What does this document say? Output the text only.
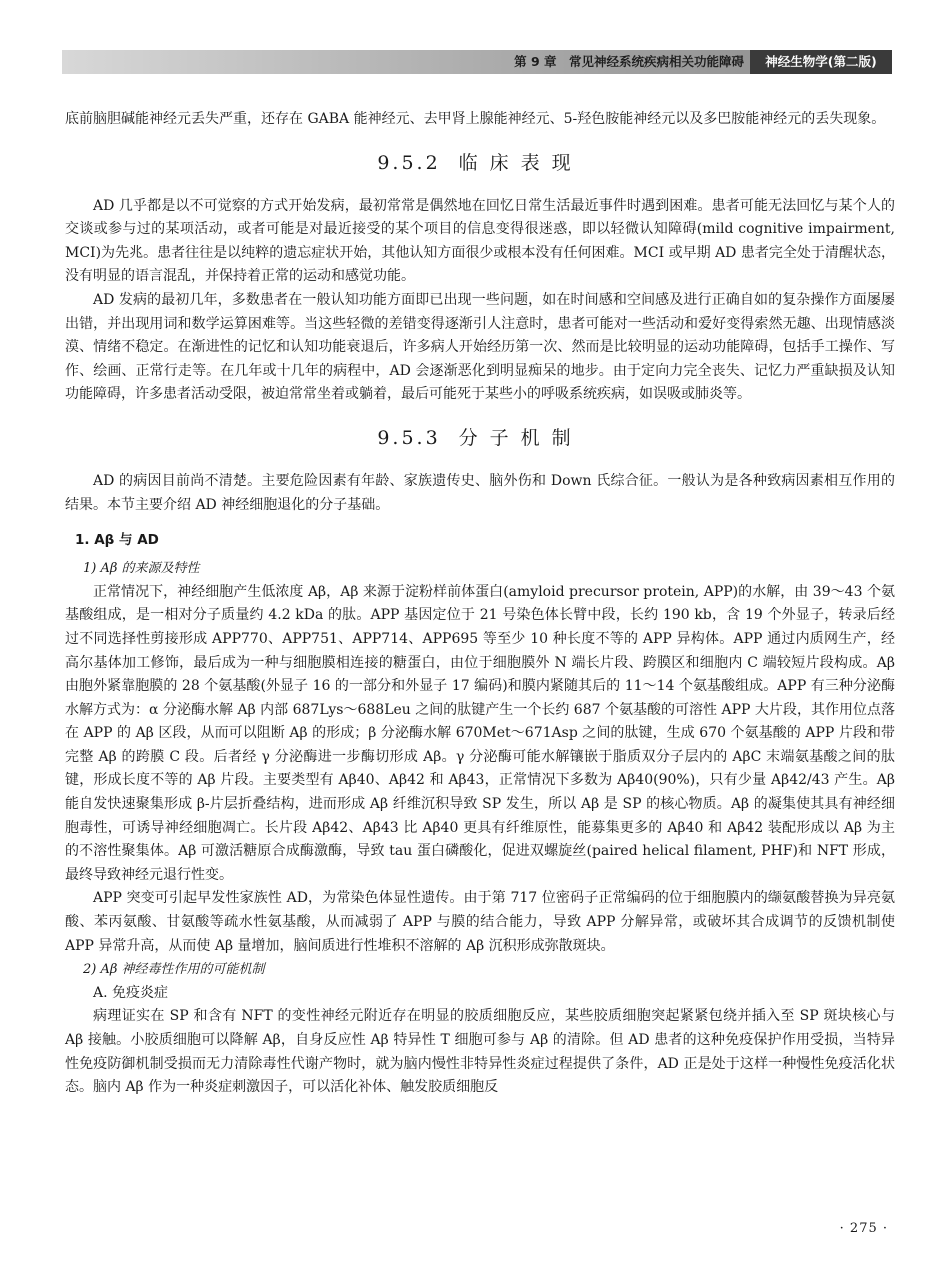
第 9 章　常见神经系统疾病相关功能障碍	神经生物学(第二版)

底前脑胆碱能神经元丢失严重，还存在 GABA 能神经元、去甲肾上腺能神经元、5-羟色胺能神经元以及多巴胺能神经元的丢失现象。

9.5.2 临床表现

AD 几乎都是以不可觉察的方式开始发病，最初常常是偶然地在回忆日常生活最近事件时遇到困难。患者可能无法回忆与某个人的交谈或参与过的某项活动，或者可能是对最近接受的某个项目的信息变得很迷惑，即以轻微认知障碍(mild cognitive impairment, MCI)为先兆。患者往往是以纯粹的遗忘症状开始，其他认知方面很少或根本没有任何困难。MCI 或早期 AD 患者完全处于清醒状态，没有明显的语言混乱，并保持着正常的运动和感觉功能。

AD 发病的最初几年，多数患者在一般认知功能方面即已出现一些问题，如在时间感和空间感及进行正确自如的复杂操作方面屡屡出错，并出现用词和数学运算困难等。当这些轻微的差错变得逐渐引人注意时，患者可能对一些活动和爱好变得索然无趣、出现情感淡漠、情绪不稳定。在渐进性的记忆和认知功能衰退后，许多病人开始经历第一次、然而是比较明显的运动功能障碍，包括手工操作、写作、绘画、正常行走等。在几年或十几年的病程中，AD 会逐渐恶化到明显痴呆的地步。由于定向力完全丧失、记忆力严重缺损及认知功能障碍，许多患者活动受限，被迫常常坐着或躺着，最后可能死于某些小的呼吸系统疾病，如误吸或肺炎等。

9.5.3 分子机制

AD 的病因目前尚不清楚。主要危险因素有年龄、家族遗传史、脑外伤和 Down 氏综合征。一般认为是各种致病因素相互作用的结果。本节主要介绍 AD 神经细胞退化的分子基础。

1. Aβ 与 AD
1) Aβ 的来源及特性

正常情况下，神经细胞产生低浓度 Aβ，Aβ 来源于淀粉样前体蛋白(amyloid precursor protein, APP)的水解，由 39～43 个氨基酸组成，是一相对分子质量约 4.2 kDa 的肽。APP 基因定位于 21 号染色体长臂中段，长约 190 kb，含 19 个外显子，转录后经过不同选择性剪接形成 APP770、APP751、APP714、APP695 等至少 10 种长度不等的 APP 异构体。APP 通过内质网生产，经高尔基体加工修饰，最后成为一种与细胞膜相连接的糖蛋白，由位于细胞膜外 N 端长片段、跨膜区和细胞内 C 端较短片段构成。Aβ 由胞外紧靠胞膜的 28 个氨基酸(外显子 16 的一部分和外显子 17 编码)和膜内紧随其后的 11～14 个氨基酸组成。APP 有三种分泌酶水解方式为：α 分泌酶水解 Aβ 内部 687Lys～688Leu 之间的肽键产生一个长约 687 个氨基酸的可溶性 APP 大片段，其作用位点落在 APP 的 Aβ 区段，从而可以阻断 Aβ 的形成；β 分泌酶水解 670Met～671Asp 之间的肽键，生成 670 个氨基酸的 APP 片段和带完整 Aβ 的跨膜 C 段。后者经 γ 分泌酶进一步酶切形成 Aβ。γ 分泌酶可能水解镶嵌于脂质双分子层内的 AβC 末端氨基酸之间的肽键，形成长度不等的 Aβ 片段。主要类型有 Aβ40、Aβ42 和 Aβ43，正常情况下多数为 Aβ40(90%)，只有少量 Aβ42/43 产生。Aβ 能自发快速聚集形成 β-片层折叠结构，进而形成 Aβ 纤维沉积导致 SP 发生，所以 Aβ 是 SP 的核心物质。Aβ 的凝集使其具有神经细胞毒性，可诱导神经细胞凋亡。长片段 Aβ42、Aβ43 比 Aβ40 更具有纤维原性，能募集更多的 Aβ40 和 Aβ42 装配形成以 Aβ 为主的不溶性聚集体。Aβ 可激活糖原合成酶激酶，导致 tau 蛋白磷酸化，促进双螺旋丝(paired helical filament, PHF)和 NFT 形成，最终导致神经元退行性变。

APP 突变可引起早发性家族性 AD，为常染色体显性遗传。由于第 717 位密码子正常编码的位于细胞膜内的缬氨酸替换为异亮氨酸、苯丙氨酸、甘氨酸等疏水性氨基酸，从而减弱了 APP 与膜的结合能力，导致 APP 分解异常，或破坏其合成调节的反馈机制使 APP 异常升高，从而使 Aβ 量增加，脑间质进行性堆积不溶解的 Aβ 沉积形成弥散斑块。

2) Aβ 神经毒性作用的可能机制
A. 免疫炎症

病理证实在 SP 和含有 NFT 的变性神经元附近存在明显的胶质细胞反应，某些胶质细胞突起紧紧包绕并插入至 SP 斑块核心与 Aβ 接触。小胶质细胞可以降解 Aβ，自身反应性 Aβ 特异性 T 细胞可参与 Aβ 的清除。但 AD 患者的这种免疫保护作用受损，当特异性免疫防御机制受损而无力清除毒性代谢产物时，就为脑内慢性非特异性炎症过程提供了条件，AD 正是处于这样一种慢性免疫活化状态。脑内 Aβ 作为一种炎症刺激因子，可以活化补体、触发胶质细胞反

· 275 ·
